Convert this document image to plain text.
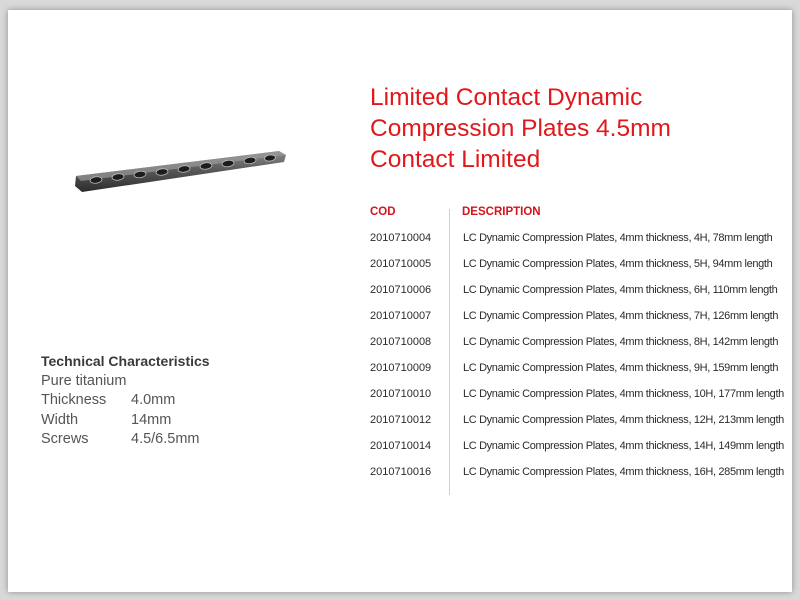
Limited Contact Dynamic
Compression Plates 4.5mm
Contact Limited
Technical Characteristics
Pure titanium
Thickness 4.0mm
Width	14mm
Screws	4.5/6.5mm
COD	DESCRIPTION
2010710004	LC Dynamic Compression Plates, 4mm thickness, 4H, 78mm length
2010710005	LC Dynamic Compression Plates, 4mm thickness, 5H, 94mm length
2010710006	LC Dynamic Compression Plates, 4mm thickness, 6H, 110mm length
2010710007	LC Dynamic Compression Plates, 4mm thickness, 7H, 126mm length
2010710008	LC Dynamic Compression Plates, 4mm thickness, 8H, 142mm length
2010710009	LC Dynamic Compression Plates, 4mm thickness, 9H, 159mm length
2010710010	LC Dynamic Compression Plates, 4mm thickness, 10H, 177mm length
2010710012	LC Dynamic Compression Plates, 4mm thickness, 12H, 213mm length
2010710014	LC Dynamic Compression Plates, 4mm thickness, 14H, 149mm length
2010710016	LC Dynamic Compression Plates, 4mm thickness, 16H, 285mm length
